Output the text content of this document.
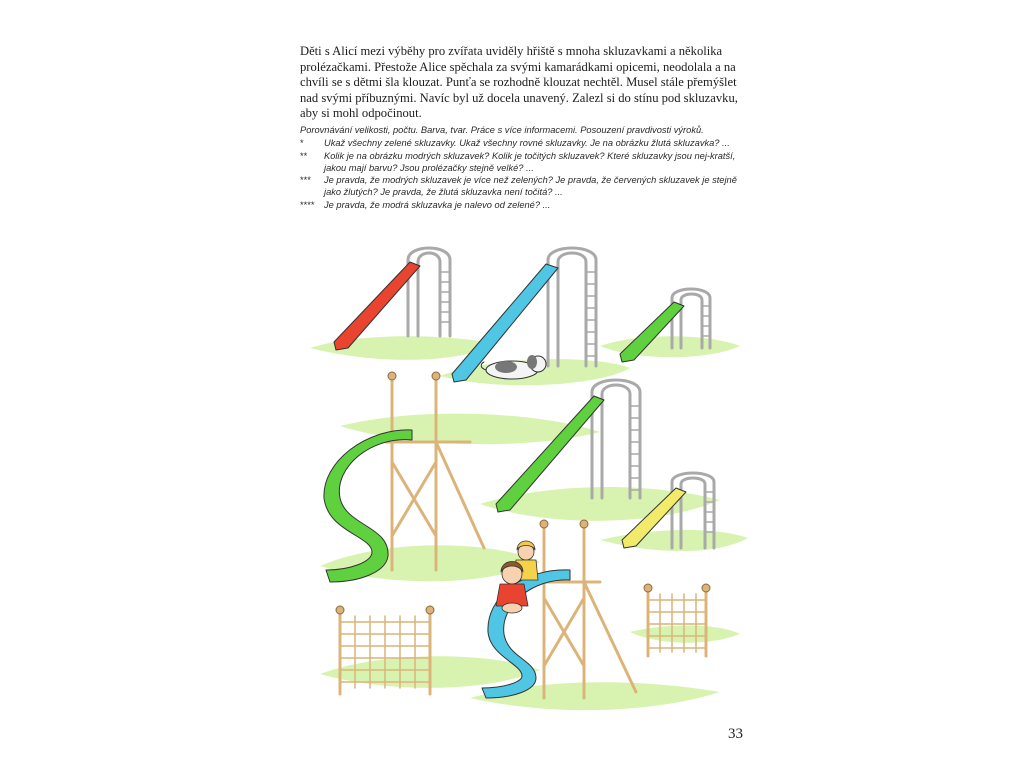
Děti s Alicí mezi výběhy pro zvířata uviděly hřiště s mnoha skluzavkami a několika prolézačkami. Přestože Alice spěchala za svými kamarádkami opicemi, neodolala a na chvíli se s dětmi šla klouzat. Punťa se rozhodně klouzat nechtěl. Musel stále přemýšlet nad svými příbuznými. Navíc byl už docela unavený. Zalezl si do stínu pod skluzavku, aby si mohl odpočinout.

Porovnávání velikosti, počtu. Barva, tvar. Práce s více informacemi. Posouzení pravdivosti výroků.

*	Ukaž všechny zelené skluzavky. Ukaž všechny rovné skluzavky. Je na obrázku žlutá skluzavka? ...
**	Kolik je na obrázku modrých skluzavek? Kolik je točitých skluzavek? Které skluzavky jsou nej-kratší, jakou mají barvu? Jsou prolézačky stejně velké? ...
***	Je pravda, že modrých skluzavek je více než zelených? Je pravda, že červených skluzavek je stejně jako žlutých? Je pravda, že žlutá skluzavka není točitá? ...
****	Je pravda, že modrá skluzavka je nalevo od zelené? ...
33
